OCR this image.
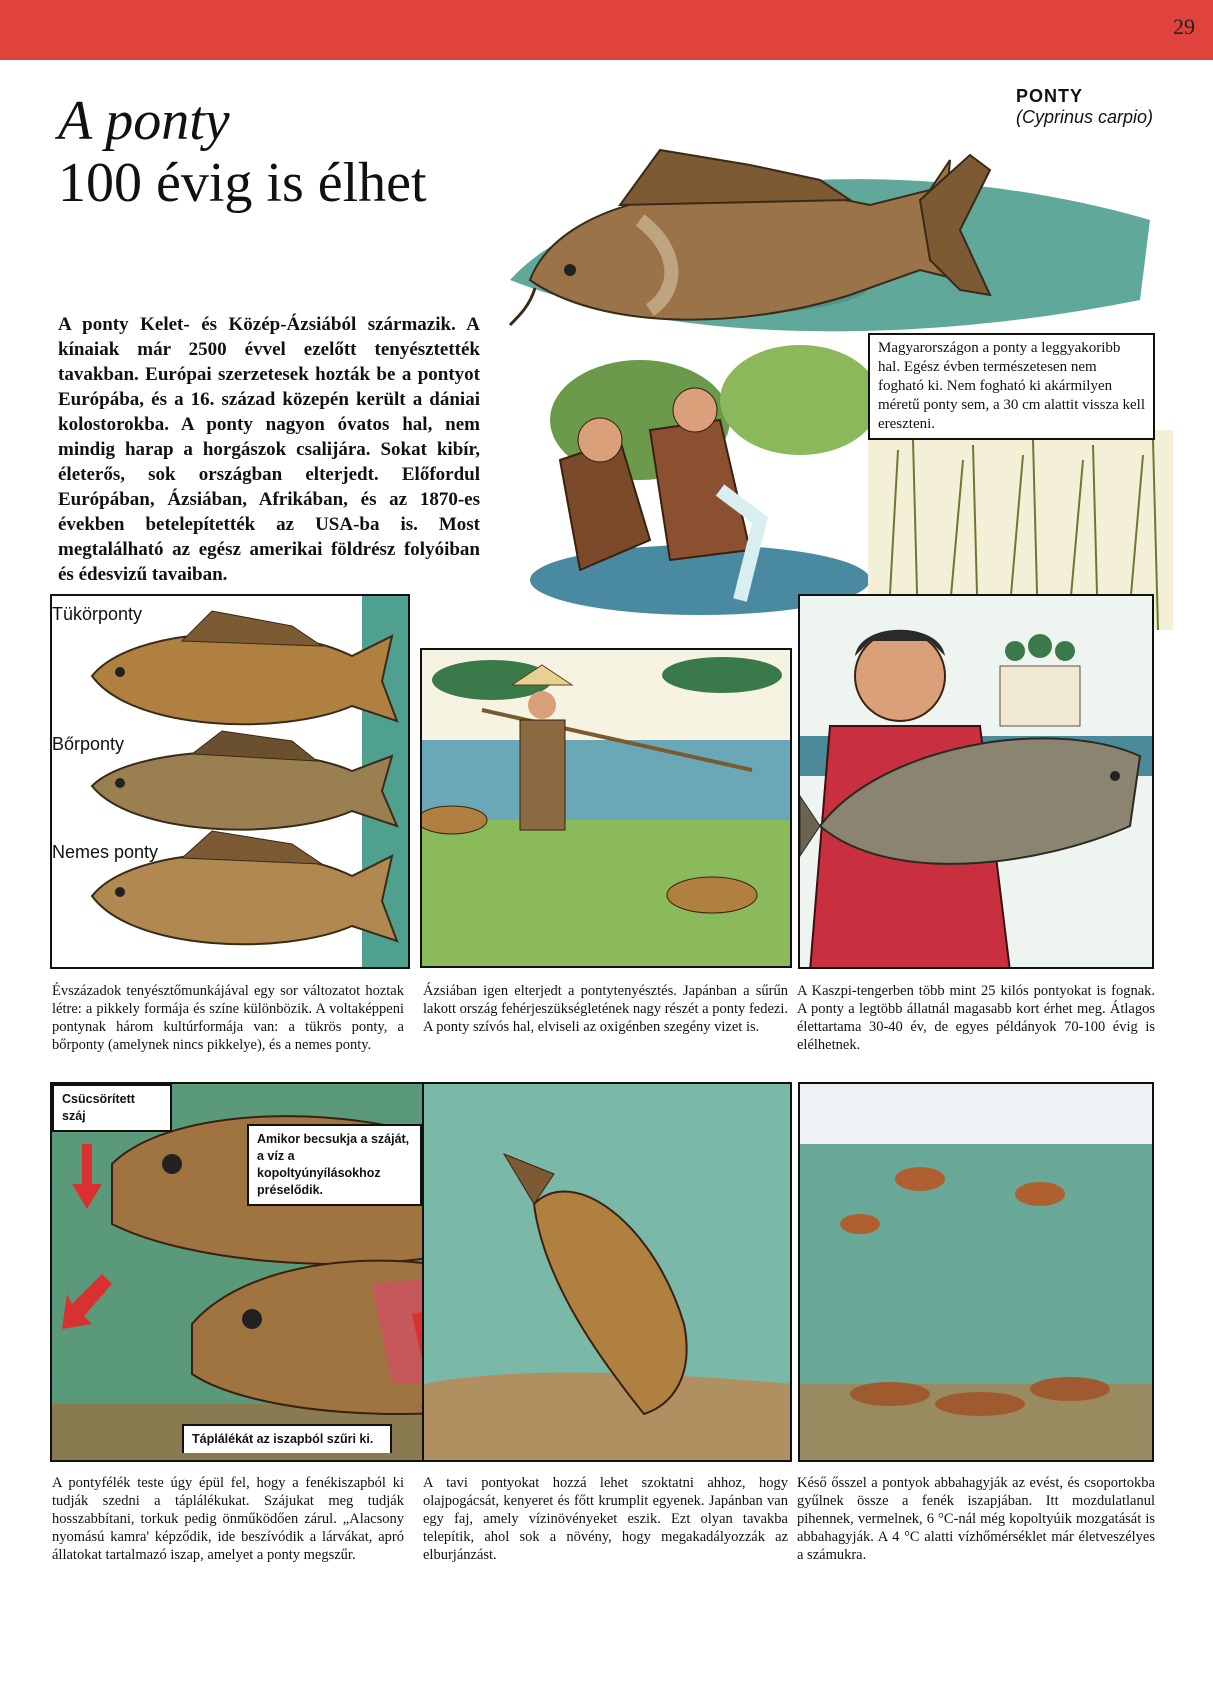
29
A ponty
100 évig is élhet
PONTY
(Cyprinus carpio)
A ponty Kelet- és Közép-Ázsiából származik. A kínaiak már 2500 évvel ezelőtt tenyésztették tavakban. Európai szerzetesek hozták be a pontyot Európába, és a 16. század közepén került a dániai kolostorokba. A ponty nagyon óvatos hal, nem mindig harap a horgászok csalijára. Sokat kibír, életerős, sok országban elterjedt. Előfordul Európában, Ázsiában, Afrikában, és az 1870-es években betelepítették az USA-ba is. Most megtalálható az egész amerikai földrész folyóiban és édesvizű tavaiban.
Magyarországon a ponty a leggyakoribb hal. Egész évben természetesen nem fogható ki. Nem fogható ki akármilyen méretű ponty sem, a 30 cm alattit vissza kell ereszteni.
Tükörponty
Bőrponty
Nemes ponty
Évszázadok tenyésztőmunkájával egy sor változatot hoztak létre: a pikkely formája és színe különbözik. A voltaképpeni pontynak három kultúrformája van: a tükrös ponty, a bőrponty (amelynek nincs pikkelye), és a nemes ponty.
Ázsiában igen elterjedt a pontytenyésztés. Japánban a sűrűn lakott ország fehérjeszükségletének nagy részét a ponty fedezi. A ponty szívós hal, elviseli az oxigénben szegény vizet is.
A Kaszpi-tengerben több mint 25 kilós pontyokat is fognak. A ponty a legtöbb állatnál magasabb kort érhet meg. Átlagos élettartama 30-40 év, de egyes példányok 70-100 évig is elélhetnek.
Csücsörített száj
Amikor becsukja a száját, a víz a kopoltyúnyílásokhoz préselődik.
Táplálékát az iszapból szűri ki.
A pontyfélék teste úgy épül fel, hogy a fenékiszapból ki tudják szedni a táplálékukat. Szájukat meg tudják hosszabbítani, torkuk pedig önműködően zárul. „Alacsony nyomású kamra' képződik, ide beszívódik a lárvákat, apró állatokat tartalmazó iszap, amelyet a ponty megszűr.
A tavi pontyokat hozzá lehet szoktatni ahhoz, hogy olajpogácsát, kenyeret és főtt krumplit egyenek. Japánban van egy faj, amely vízinövényeket eszik. Ezt olyan tavakba telepítik, ahol sok a növény, hogy megakadályozzák az elburjánzást.
Késő ősszel a pontyok abbahagyják az evést, és csoportokba gyűlnek össze a fenék iszapjában. Itt mozdulatlanul pihennek, vermelnek, 6 °C-nál még kopoltyúik mozgatását is abbahagyják. A 4 °C alatti vízhőmérséklet már életveszélyes a számukra.
